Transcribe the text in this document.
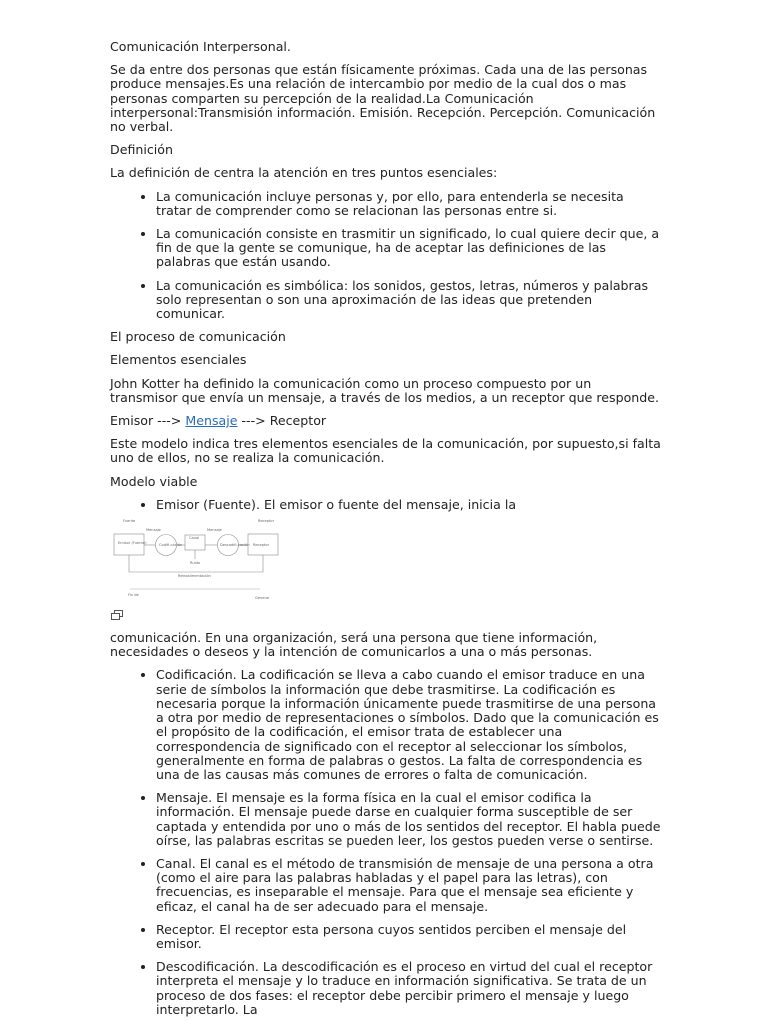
Comunicación Interpersonal.

Se da entre dos personas que están físicamente próximas. Cada una de las personas produce mensajes.Es una relación de intercambio por medio de la cual dos o mas personas comparten su percepción de la realidad.La Comunicación interpersonal:Transmisión información. Emisión. Recepción. Percepción. Comunicación no verbal.

Definición

La definición de centra la atención en tres puntos esenciales:

• La comunicación incluye personas y, por ello, para entenderla se necesita tratar de comprender como se relacionan las personas entre si.
• La comunicación consiste en trasmitir un significado, lo cual quiere decir que, a fin de que la gente se comunique, ha de aceptar las definiciones de las palabras que están usando.
• La comunicación es simbólica: los sonidos, gestos, letras, números y palabras solo representan o son una aproximación de las ideas que pretenden comunicar.

El proceso de comunicación

Elementos esenciales

John Kotter ha definido la comunicación como un proceso compuesto por un transmisor que envía un mensaje, a través de los medios, a un receptor que responde.

Emisor ---> Mensaje ---> Receptor

Este modelo indica tres elementos esenciales de la comunicación, por supuesto,si falta uno de ellos, no se realiza la comunicación.

Modelo viable

• Emisor (Fuente). El emisor o fuente del mensaje, inicia la
Fuente	Receptor
Emisor (Fuente)	Codifi-cación
Canal
Descodifi-cación Receptor
Mensaje	Mensaje
Ruido
Retroalimentación
Fin de
General

comunicación. En una organización, será una persona que tiene información, necesidades o deseos y la intención de comunicarlos a una o más personas.

• Codificación. La codificación se lleva a cabo cuando el emisor traduce en una serie de símbolos la información que debe trasmitirse. La codificación es necesaria porque la información únicamente puede trasmitirse de una persona a otra por medio de representaciones o símbolos. Dado que la comunicación es el propósito de la codificación, el emisor trata de establecer una correspondencia de significado con el receptor al seleccionar los símbolos, generalmente en forma de palabras o gestos. La falta de correspondencia es una de las causas más comunes de errores o falta de comunicación.
• Mensaje. El mensaje es la forma física en la cual el emisor codifica la información. El mensaje puede darse en cualquier forma susceptible de ser captada y entendida por uno o más de los sentidos del receptor. El habla puede oírse, las palabras escritas se pueden leer, los gestos pueden verse o sentirse.
• Canal. El canal es el método de transmisión de mensaje de una persona a otra (como el aire para las palabras habladas y el papel para las letras), con frecuencias, es inseparable el mensaje. Para que el mensaje sea eficiente y eficaz, el canal ha de ser adecuado para el mensaje.
• Receptor. El receptor esta persona cuyos sentidos perciben el mensaje del emisor.
• Descodificación. La descodificación es el proceso en virtud del cual el receptor interpreta el mensaje y lo traduce en información significativa. Se trata de un proceso de dos fases: el receptor debe percibir primero el mensaje y luego interpretarlo. La
